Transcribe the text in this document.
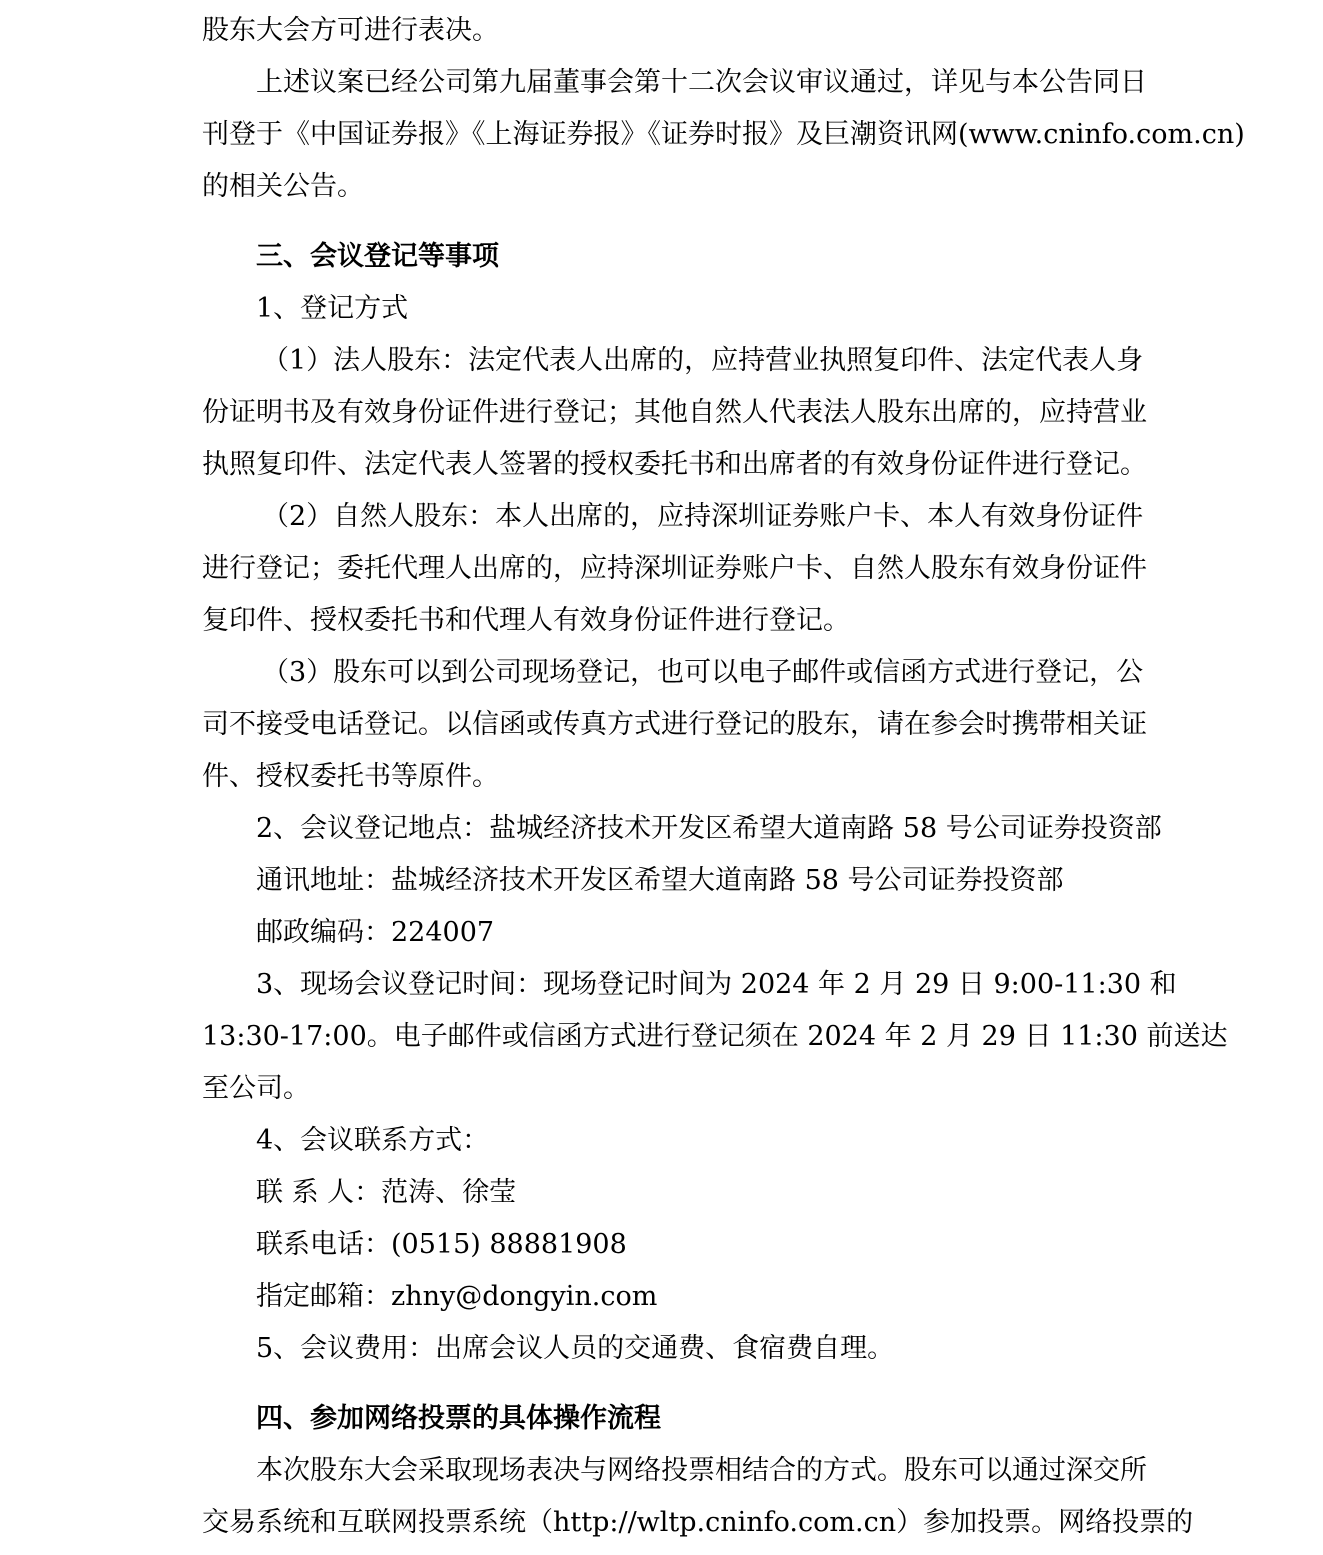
股东大会方可进行表决。
上述议案已经公司第九届董事会第十二次会议审议通过，详见与本公告同日
刊登于《中国证券报》《上海证券报》《证券时报》及巨潮资讯网(www.cninfo.com.cn)
的相关公告。
三、会议登记等事项
1、登记方式
（1）法人股东：法定代表人出席的，应持营业执照复印件、法定代表人身
份证明书及有效身份证件进行登记；其他自然人代表法人股东出席的，应持营业
执照复印件、法定代表人签署的授权委托书和出席者的有效身份证件进行登记。
（2）自然人股东：本人出席的，应持深圳证券账户卡、本人有效身份证件
进行登记；委托代理人出席的，应持深圳证券账户卡、自然人股东有效身份证件
复印件、授权委托书和代理人有效身份证件进行登记。
（3）股东可以到公司现场登记，也可以电子邮件或信函方式进行登记，公
司不接受电话登记。以信函或传真方式进行登记的股东，请在参会时携带相关证
件、授权委托书等原件。
2、会议登记地点：盐城经济技术开发区希望大道南路 58 号公司证券投资部
通讯地址：盐城经济技术开发区希望大道南路 58 号公司证券投资部
邮政编码：224007
3、现场会议登记时间：现场登记时间为 2024 年 2 月 29 日 9:00-11:30 和
13:30-17:00。电子邮件或信函方式进行登记须在 2024 年 2 月 29 日 11:30 前送达
至公司。
4、会议联系方式：
联 系 人：范涛、徐莹
联系电话：(0515) 88881908
指定邮箱：zhny@dongyin.com
5、会议费用：出席会议人员的交通费、食宿费自理。
四、参加网络投票的具体操作流程
本次股东大会采取现场表决与网络投票相结合的方式。股东可以通过深交所
交易系统和互联网投票系统（http://wltp.cninfo.com.cn）参加投票。网络投票的
